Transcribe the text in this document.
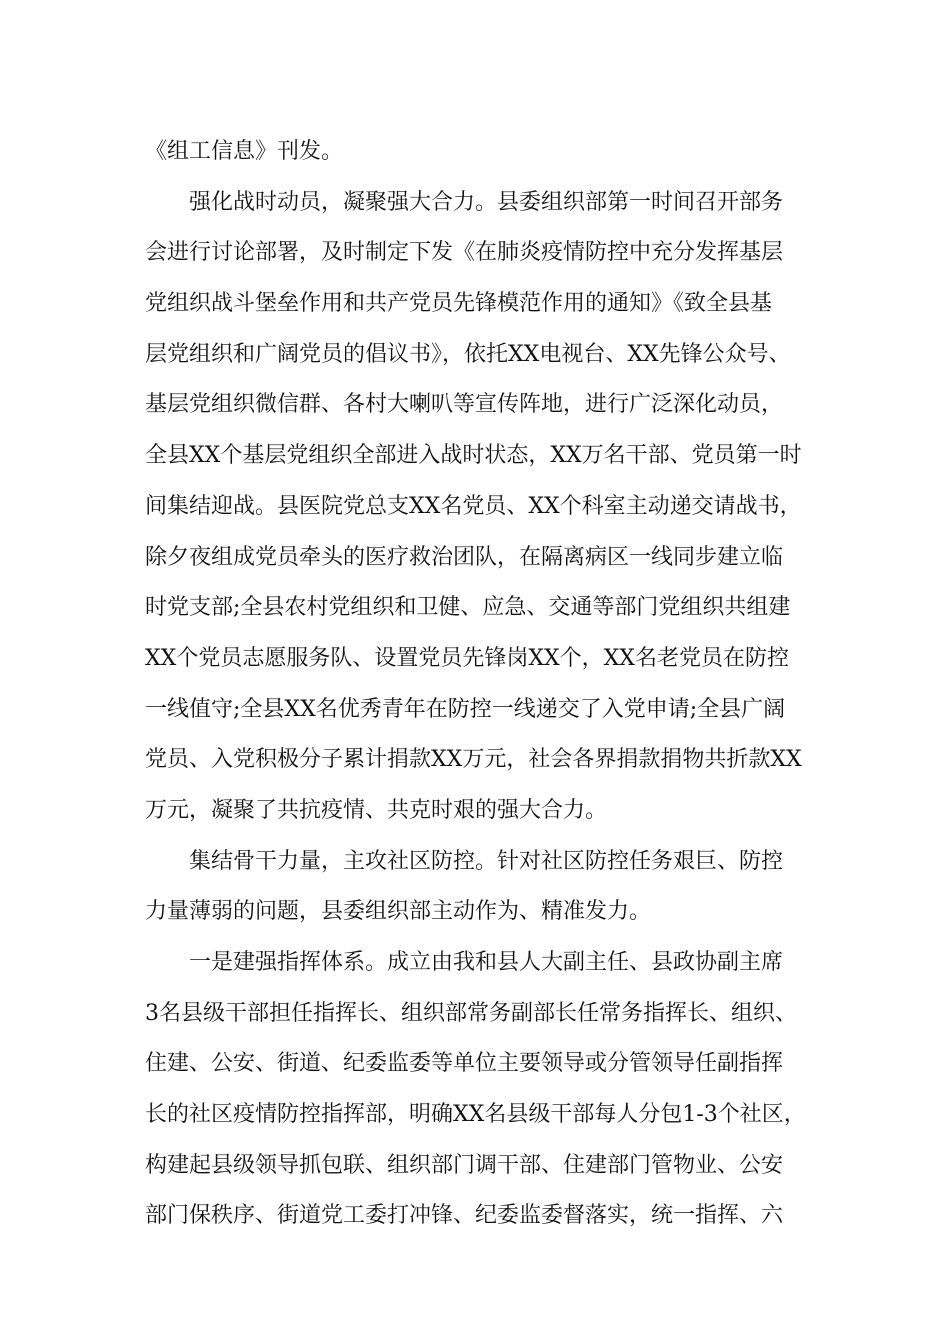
《组工信息》刊发。
强化战时动员，凝聚强大合力。县委组织部第一时间召开部务
会进行讨论部署，及时制定下发《在肺炎疫情防控中充分发挥基层
党组织战斗堡垒作用和共产党员先锋模范作用的通知》《致全县基
层党组织和广阔党员的倡议书》，依托XX电视台、XX先锋公众号、
基层党组织微信群、各村大喇叭等宣传阵地，进行广泛深化动员，
全县XX个基层党组织全部进入战时状态，XX万名干部、党员第一时
间集结迎战。县医院党总支XX名党员、XX个科室主动递交请战书，
除夕夜组成党员牵头的医疗救治团队，在隔离病区一线同步建立临
时党支部;全县农村党组织和卫健、应急、交通等部门党组织共组建
XX个党员志愿服务队、设置党员先锋岗XX个，XX名老党员在防控
一线值守;全县XX名优秀青年在防控一线递交了入党申请;全县广阔
党员、入党积极分子累计捐款XX万元，社会各界捐款捐物共折款XX
万元，凝聚了共抗疫情、共克时艰的强大合力。
集结骨干力量，主攻社区防控。针对社区防控任务艰巨、防控
力量薄弱的问题，县委组织部主动作为、精准发力。
一是建强指挥体系。成立由我和县人大副主任、县政协副主席
3名县级干部担任指挥长、组织部常务副部长任常务指挥长、组织、
住建、公安、街道、纪委监委等单位主要领导或分管领导任副指挥
长的社区疫情防控指挥部，明确XX名县级干部每人分包1-3个社区，
构建起县级领导抓包联、组织部门调干部、住建部门管物业、公安
部门保秩序、街道党工委打冲锋、纪委监委督落实，统一指挥、六
